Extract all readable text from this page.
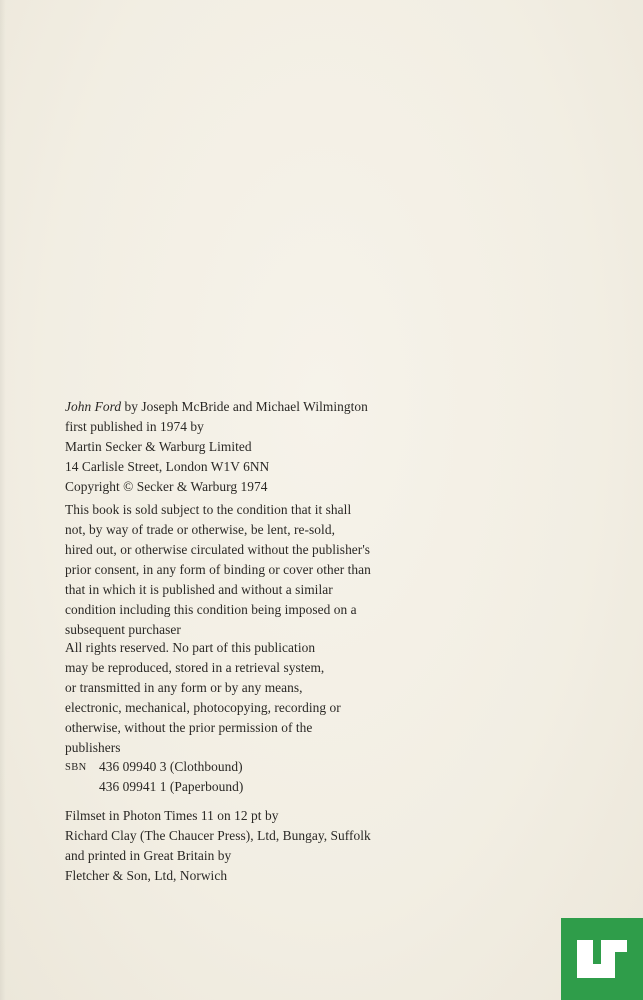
John Ford by Joseph McBride and Michael Wilmington
first published in 1974 by
Martin Secker & Warburg Limited
14 Carlisle Street, London W1V 6NN
Copyright © Secker & Warburg 1974
This book is sold subject to the condition that it shall
not, by way of trade or otherwise, be lent, re-sold,
hired out, or otherwise circulated without the publisher's
prior consent, in any form of binding or cover other than
that in which it is published and without a similar
condition including this condition being imposed on a
subsequent purchaser
All rights reserved. No part of this publication
may be reproduced, stored in a retrieval system,
or transmitted in any form or by any means,
electronic, mechanical, photocopying, recording or
otherwise, without the prior permission of the
publishers
SBN 436 09940 3 (Clothbound)
436 09941 1 (Paperbound)
Filmset in Photon Times 11 on 12 pt by
Richard Clay (The Chaucer Press), Ltd, Bungay, Suffolk
and printed in Great Britain by
Fletcher & Son, Ltd, Norwich
